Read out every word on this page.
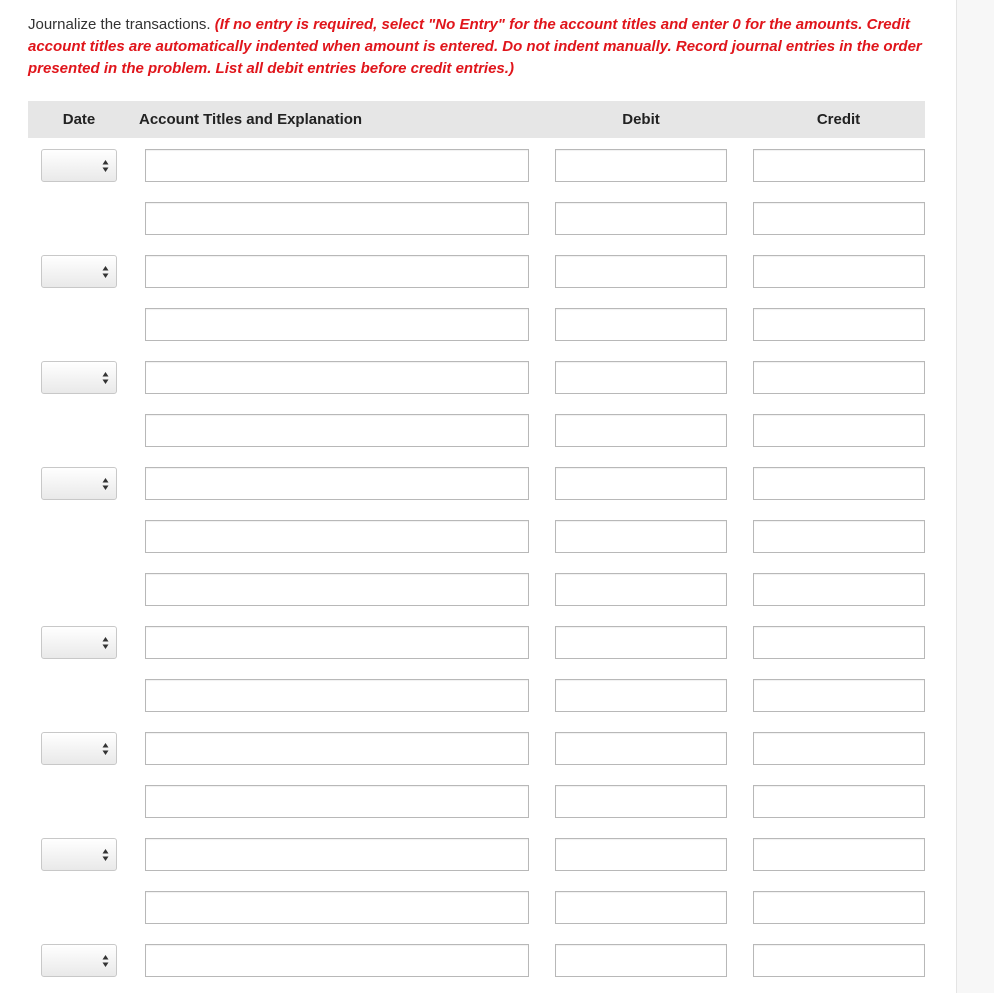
Journalize the transactions. (If no entry is required, select "No Entry" for the account titles and enter 0 for the amounts. Credit account titles are automatically indented when amount is entered. Do not indent manually. Record journal entries in the order presented in the problem. List all debit entries before credit entries.)
Date	Account Titles and Explanation	Debit	Credit
